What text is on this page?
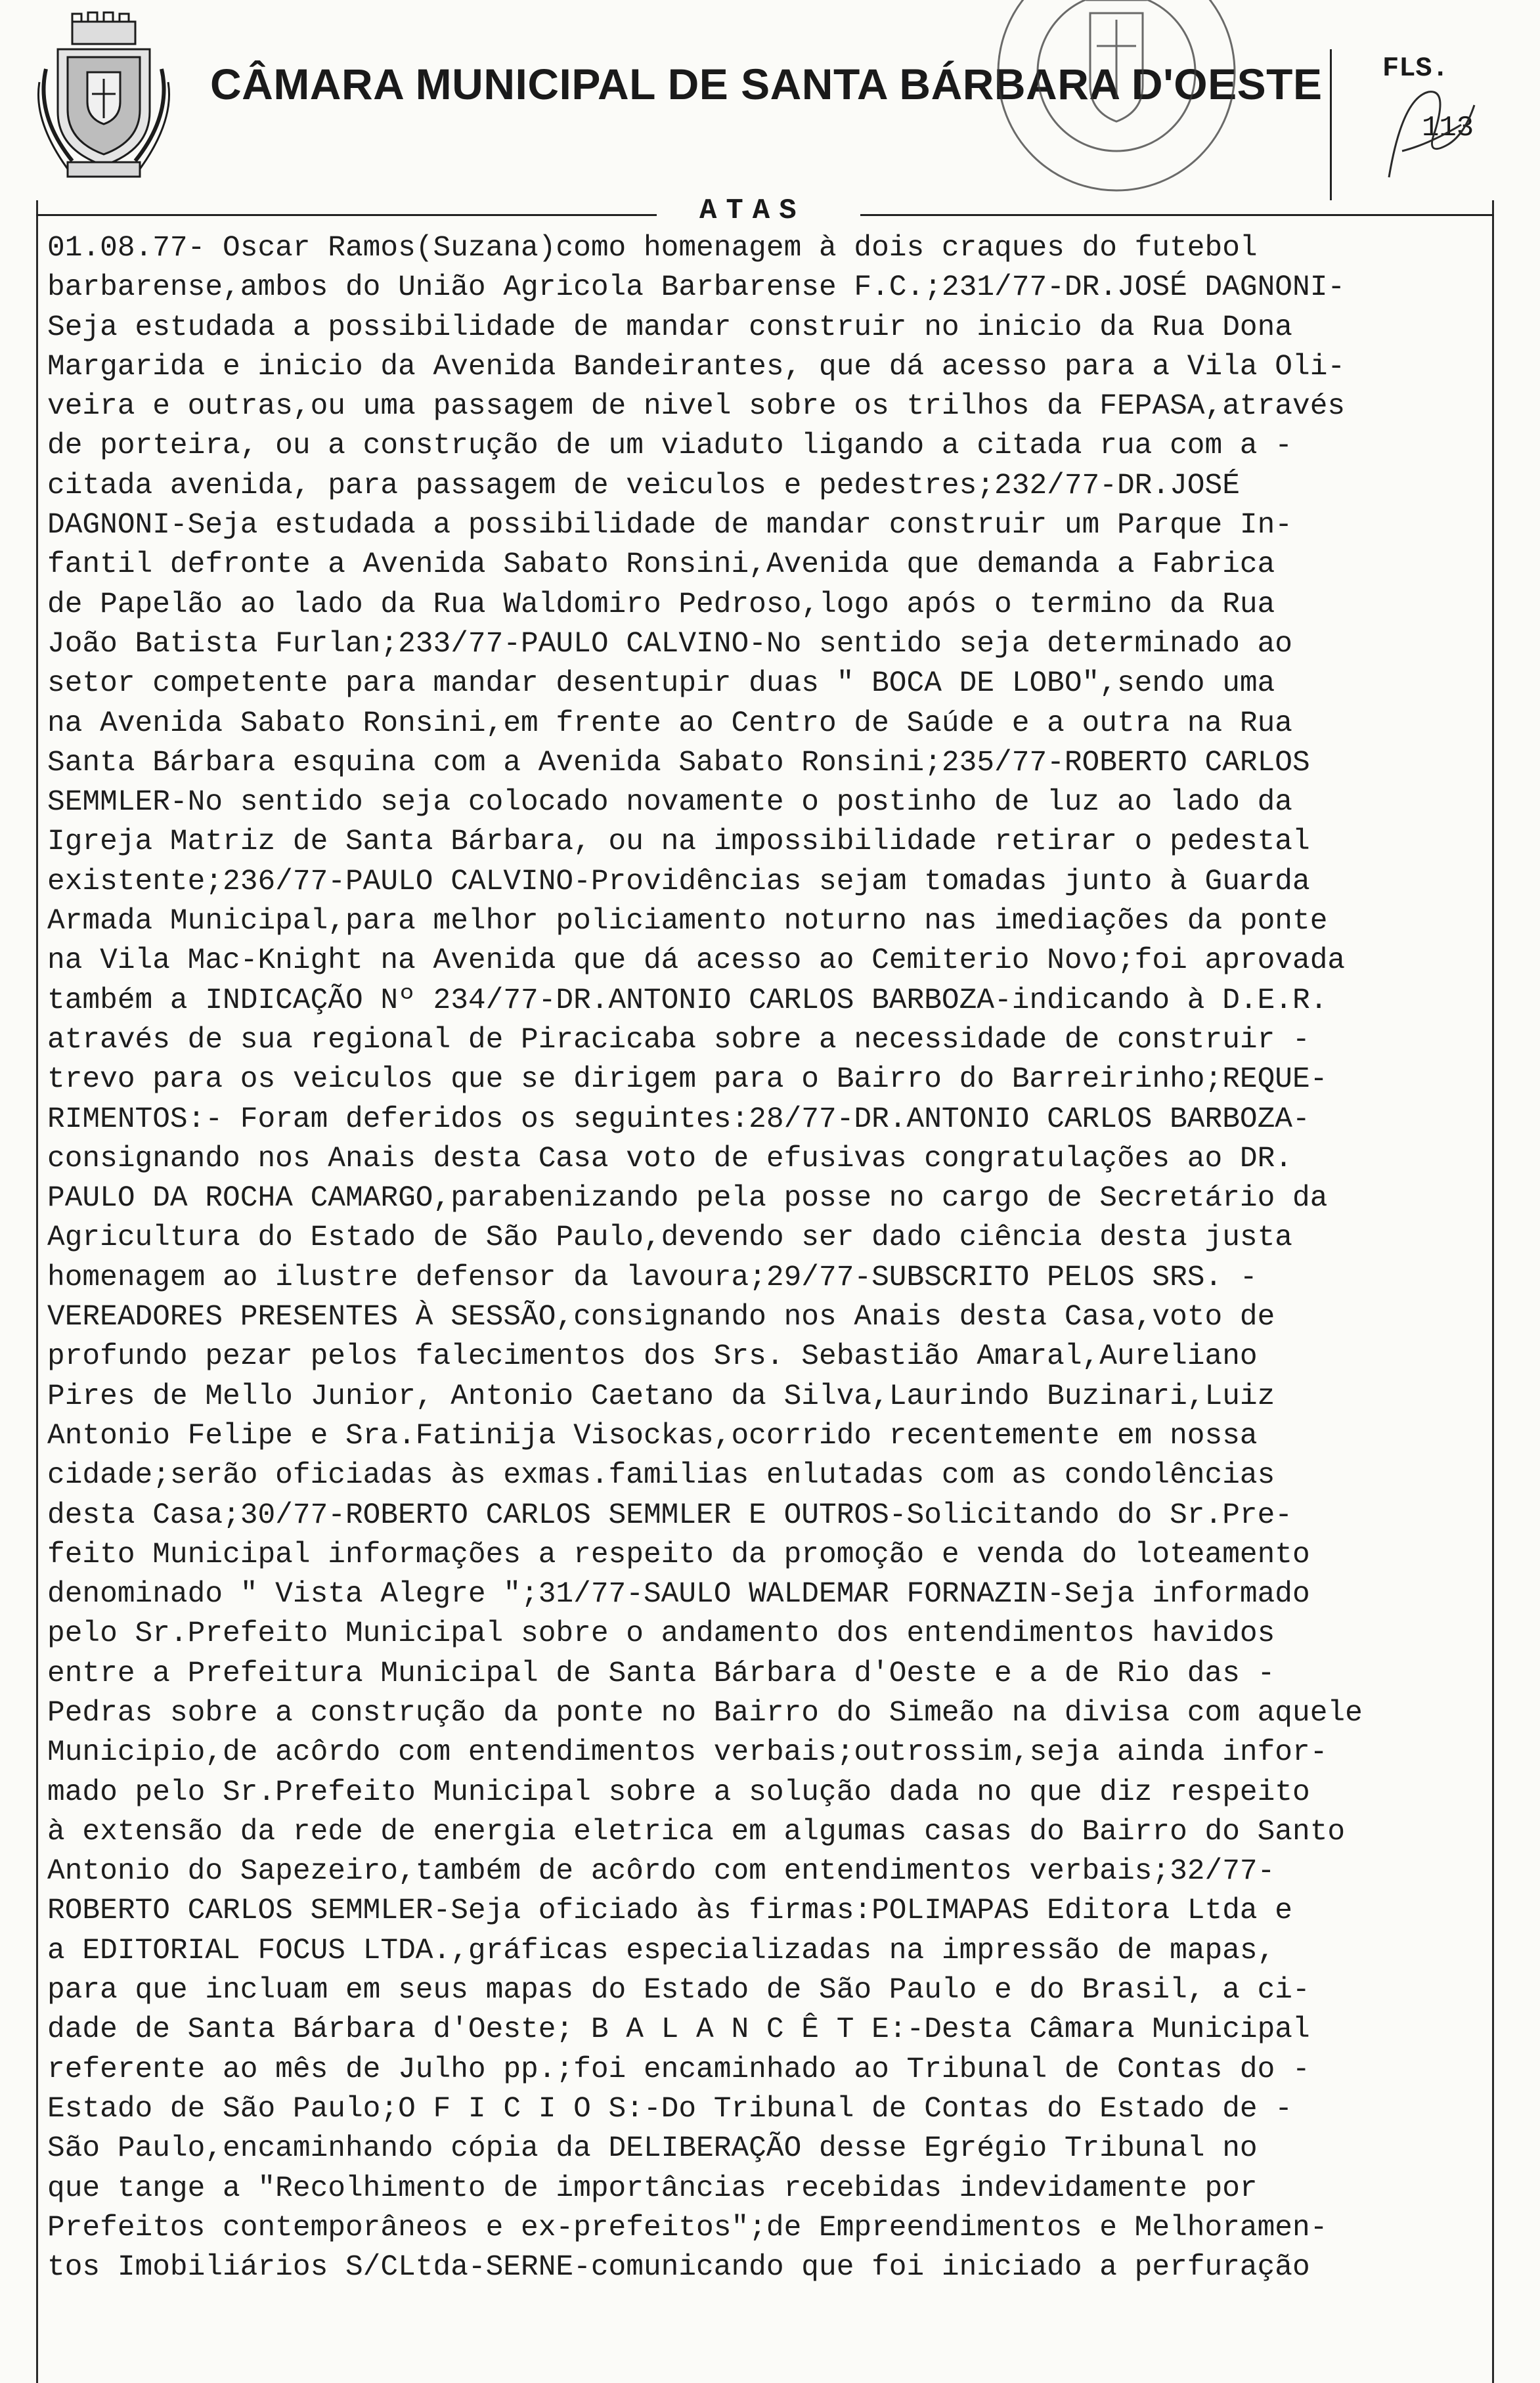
CÂMARA MUNICIPAL DE SANTA BÁRBARA D'OESTE FLS.
113
ATAS
01.08.77- Oscar Ramos(Suzana)como homenagem à dois craques do futebol
barbarense,ambos do União Agricola Barbarense F.C.;231/77-DR.JOSÉ DAGNONI-
Seja estudada a possibilidade de mandar construir no inicio da Rua Dona
Margarida e inicio da Avenida Bandeirantes, que dá acesso para a Vila Oli-
veira e outras,ou uma passagem de nivel sobre os trilhos da FEPASA,através
de porteira, ou a construção de um viaduto ligando a citada rua com a -
citada avenida, para passagem de veiculos e pedestres;232/77-DR.JOSÉ
DAGNONI-Seja estudada a possibilidade de mandar construir um Parque In-
fantil defronte a Avenida Sabato Ronsini,Avenida que demanda a Fabrica
de Papelão ao lado da Rua Waldomiro Pedroso,logo após o termino da Rua
João Batista Furlan;233/77-PAULO CALVINO-No sentido seja determinado ao
setor competente para mandar desentupir duas " BOCA DE LOBO",sendo uma
na Avenida Sabato Ronsini,em frente ao Centro de Saúde e a outra na Rua
Santa Bárbara esquina com a Avenida Sabato Ronsini;235/77-ROBERTO CARLOS
SEMMLER-No sentido seja colocado novamente o postinho de luz ao lado da
Igreja Matriz de Santa Bárbara, ou na impossibilidade retirar o pedestal
existente;236/77-PAULO CALVINO-Providências sejam tomadas junto à Guarda
Armada Municipal,para melhor policiamento noturno nas imediações da ponte
na Vila Mac-Knight na Avenida que dá acesso ao Cemiterio Novo;foi aprovada
também a INDICAÇÃO Nº 234/77-DR.ANTONIO CARLOS BARBOZA-indicando à D.E.R.
através de sua regional de Piracicaba sobre a necessidade de construir -
trevo para os veiculos que se dirigem para o Bairro do Barreirinho;REQUE-
RIMENTOS:- Foram deferidos os seguintes:28/77-DR.ANTONIO CARLOS BARBOZA-
consignando nos Anais desta Casa voto de efusivas congratulações ao DR.
PAULO DA ROCHA CAMARGO,parabenizando pela posse no cargo de Secretário da
Agricultura do Estado de São Paulo,devendo ser dado ciência desta justa
homenagem ao ilustre defensor da lavoura;29/77-SUBSCRITO PELOS SRS. -
VEREADORES PRESENTES À SESSÃO,consignando nos Anais desta Casa,voto de
profundo pezar pelos falecimentos dos Srs. Sebastião Amaral,Aureliano
Pires de Mello Junior, Antonio Caetano da Silva,Laurindo Buzinari,Luiz
Antonio Felipe e Sra.Fatinija Visockas,ocorrido recentemente em nossa
cidade;serão oficiadas às exmas.familias enlutadas com as condolências
desta Casa;30/77-ROBERTO CARLOS SEMMLER E OUTROS-Solicitando do Sr.Pre-
feito Municipal informações a respeito da promoção e venda do loteamento
denominado " Vista Alegre ";31/77-SAULO WALDEMAR FORNAZIN-Seja informado
pelo Sr.Prefeito Municipal sobre o andamento dos entendimentos havidos
entre a Prefeitura Municipal de Santa Bárbara d'Oeste e a de Rio das -
Pedras sobre a construção da ponte no Bairro do Simeão na divisa com aquele
Municipio,de acôrdo com entendimentos verbais;outrossim,seja ainda infor-
mado pelo Sr.Prefeito Municipal sobre a solução dada no que diz respeito
à extensão da rede de energia eletrica em algumas casas do Bairro do Santo
Antonio do Sapezeiro,também de acôrdo com entendimentos verbais;32/77-
ROBERTO CARLOS SEMMLER-Seja oficiado às firmas:POLIMAPAS Editora Ltda e
a EDITORIAL FOCUS LTDA.,gráficas especializadas na impressão de mapas,
para que incluam em seus mapas do Estado de São Paulo e do Brasil, a ci-
dade de Santa Bárbara d'Oeste; B A L A N C Ê T E:-Desta Câmara Municipal
referente ao mês de Julho pp.;foi encaminhado ao Tribunal de Contas do -
Estado de São Paulo;O F I C I O S:-Do Tribunal de Contas do Estado de -
São Paulo,encaminhando cópia da DELIBERAÇÃO desse Egrégio Tribunal no
que tange a "Recolhimento de importâncias recebidas indevidamente por
Prefeitos contemporâneos e ex-prefeitos";de Empreendimentos e Melhoramen-
tos Imobiliários S/CLtda-SERNE-comunicando que foi iniciado a perfuração
